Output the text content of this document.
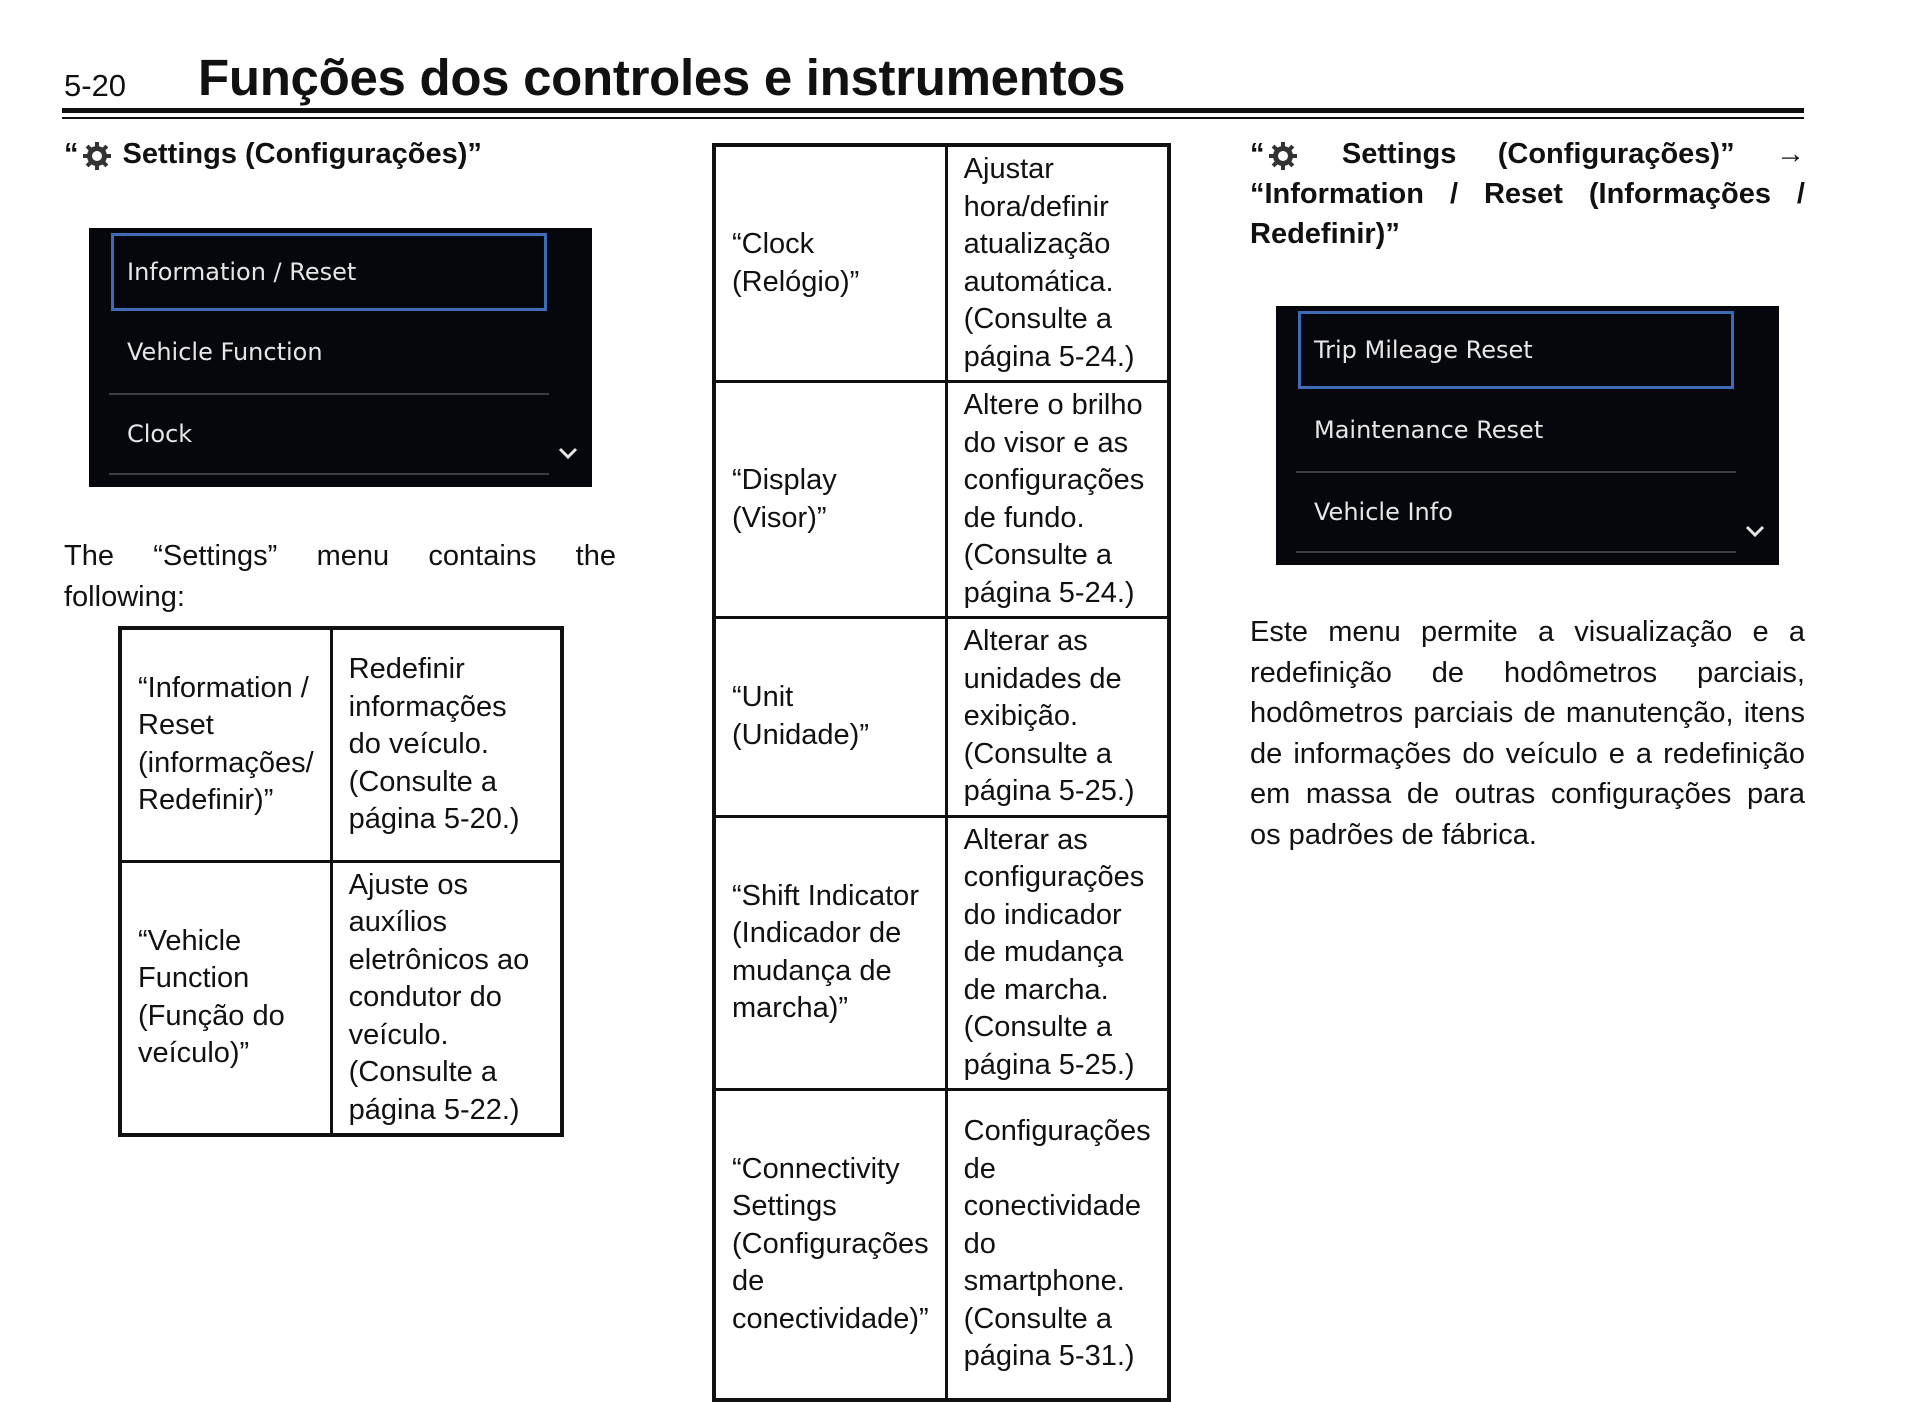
5-20 Funções dos controles e instrumentos
“ Settings (Configurações)”
Information / Reset
Vehicle Function
Clock
The “Settings” menu contains the following:
“Information / Reset (informações/ Redefinir)”	Redefinir informações do veículo. (Consulte a página 5-20.)
“Vehicle Function (Função do veículo)”	Ajuste os auxílios eletrônicos ao condutor do veículo. (Consulte a página 5-22.)
“Clock (Relógio)”	Ajustar hora/definir atualização automática. (Consulte a página 5-24.)
“Display (Visor)”	Altere o brilho do visor e as configurações de fundo. (Consulte a página 5-24.)
“Unit (Unidade)”	Alterar as unidades de exibição. (Consulte a página 5-25.)
“Shift Indicator (Indicador de mudança de marcha)”	Alterar as configurações do indicador de mudança de marcha. (Consulte a página 5-25.)
“Connectivity Settings (Configurações de conectividade)”	Configurações de conectividade do smartphone. (Consulte a página 5-31.)
“ Settings (Configurações)” → “Information / Reset (Informações / Redefinir)”
Trip Mileage Reset
Maintenance Reset
Vehicle Info
Este menu permite a visualização e a redefinição de hodômetros parciais, hodômetros parciais de manutenção, itens de informações do veículo e a redefinição em massa de outras configurações para os padrões de fábrica.
